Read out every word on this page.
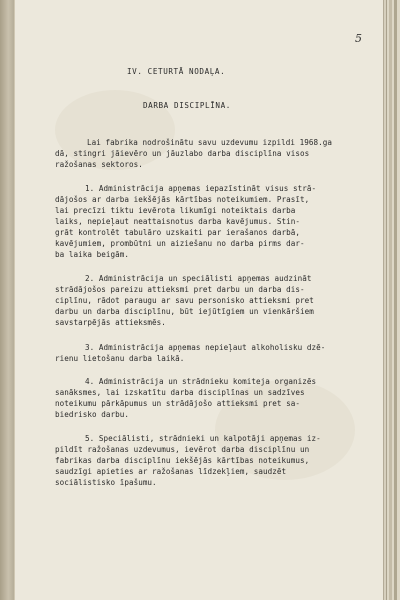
5
IV. CETURTĀ NODAĻA.
DARBA DISCIPLĪNA.
Lai fabrika nodrošinātu savu uzdevumu izpildi 1968.ga
dā, stingri jāievēro un jāuzlabo darba disciplīna visos
ražošanas sektoros.
1. Administrācija apņemas iepazīstināt visus strā-
dājošos ar darba iekšējās kārtības noteikumiem. Prasīt,
lai precīzi tiktu ievērota likumīgi noteiktais darba
laiks, nepieļaut neattaisnotus darba kavējumus. Stin-
grāt kontrolēt tabulāro uzskaiti par ierašanos darbā,
kavējumiem, prombūtni un aiziešanu no darba pirms dar-
ba laika beigām.
2. Administrācija un speciālisti apņemas audzināt
strādājošos pareizu attieksmi pret darbu un darba dis-
ciplīnu, rādot paraugu ar savu personisko attieksmi pret
darbu un darba disciplīnu, būt iejūtīgiem un vienkāršiem
savstarpējās attieksmēs.
3. Administrācija apņemas nepieļaut alkoholisku dzē-
rienu lietošanu darba laikā.
4. Administrācija un strādnieku komiteja organizēs
sanāksmes, lai izskatītu darba disciplīnas un sadzīves
noteikumu pārkāpumus un strādājošo attieksmi pret sa-
biedrisko darbu.
5. Speciālisti, strādnieki un kalpotāji apņemas iz-
pildīt ražošanas uzdevumus, ievērot darba disciplīnu un
fabrikas darba disciplīnu iekšējās kārtības noteikumus,
saudzīgi apieties ar ražošanas līdzekļiem, saudzēt
sociālistisko īpašumu.
